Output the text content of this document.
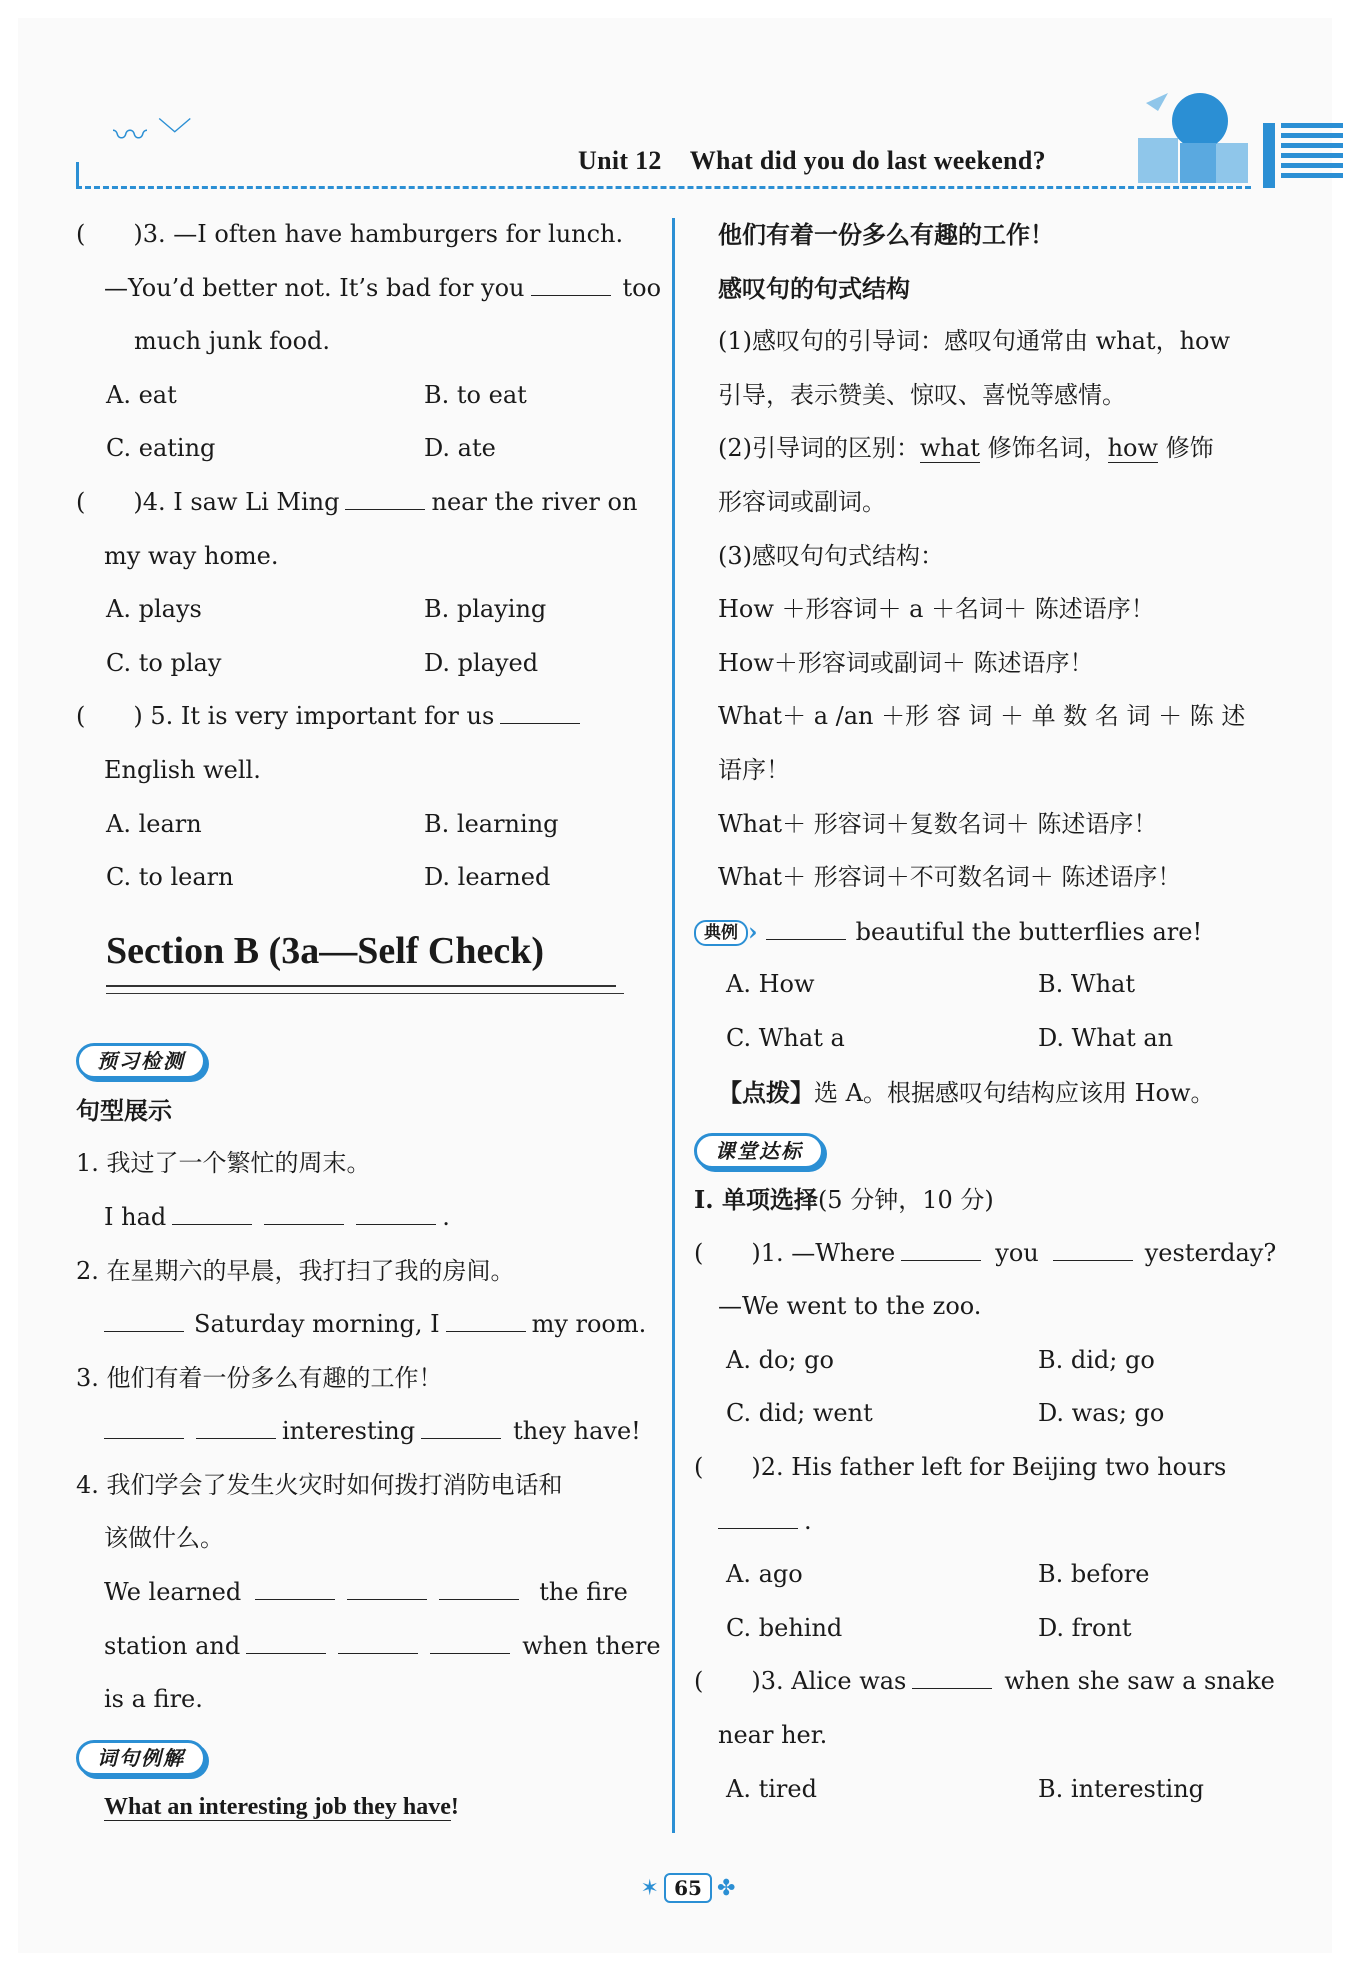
〰 ﹀
Unit 12 What did you do last weekend?
(　　)3. —I often have hamburgers for lunch.
—You’d better not. It’s bad for you	too
much junk food.
A. eat	B. to eat
C. eating	D. ate
(　　)4. I saw Li Ming	near the river on
my way home.
A. plays	B. playing
C. to play	D. played
(　　) 5. It is very important for us
English well.
A. learn	B. learning
C. to learn	D. learned
Section B (3a—Self Check)
预习检测
句型展示
1. 我过了一个繁忙的周末。
I had	.
2. 在星期六的早晨，我打扫了我的房间。
Saturday morning, I	my room.
3. 他们有着一份多么有趣的工作！
interesting	they have!
4. 我们学会了发生火灾时如何拨打消防电话和
该做什么。
We learned	the fire
station and	when there
is a fire.
词句例解
What an interesting job they have!
他们有着一份多么有趣的工作！
感叹句的句式结构
(1)感叹句的引导词：感叹句通常由 what，how
引导，表示赞美、惊叹、喜悦等感情。
(2)引导词的区别：what 修饰名词，how 修饰
形容词或副词。
(3)感叹句句式结构：
How ＋形容词＋ a ＋名词＋ 陈述语序！
How＋形容词或副词＋ 陈述语序！
What＋ a /an ＋形 容 词 ＋ 单 数 名 词 ＋ 陈 述
语序！
What＋ 形容词＋复数名词＋ 陈述语序！
What＋ 形容词＋不可数名词＋ 陈述语序！
典例 ›	beautiful the butterflies are!
A. How	B. What
C. What a	D. What an
【点拨】选 A。根据感叹句结构应该用 How。
课堂达标
Ⅰ. 单项选择(5 分钟，10 分)
(　　)1. —Where	you	yesterday?
—We went to the zoo.
A. do; go	B. did; go
C. did; went	D. was; go
(　　)2. His father left for Beijing two hours
.
A. ago	B. before
C. behind	D. front
(　　)3. Alice was	when she saw a snake
near her.
A. tired	B. interesting
✶ 65 ✤
